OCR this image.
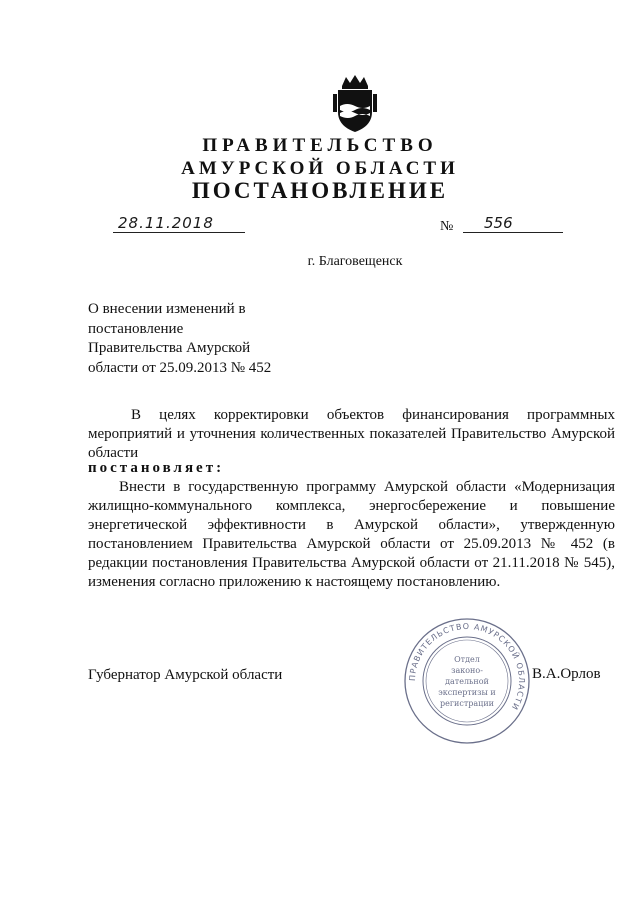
ПРАВИТЕЛЬСТВО
АМУРСКОЙ ОБЛАСТИ
ПОСТАНОВЛЕНИЕ
28.11.2018	№ 556
г. Благовещенск
О внесении изменений в
постановление
Правительства Амурской
области от 25.09.2013 № 452
В целях корректировки объектов финансирования программных мероприятий и уточнения количественных показателей Правительство Амурской области
постановляет:
Внести в государственную программу Амурской области «Модернизация жилищно-коммунального комплекса, энергосбережение и повышение энергетической эффективности в Амурской области», утвержденную постановлением Правительства Амурской области от 25.09.2013 № 452 (в редакции постановления Правительства Амурской области от 21.11.2018 № 545), изменения согласно приложению к настоящему постановлению.
Губернатор Амурской области	ПРАВИТЕЛЬСТВО АМУРСКОЙ ОБЛАСТИ
Отдел
законо-
дательной
экспертизы и
регистрации
В.А.Орлов
